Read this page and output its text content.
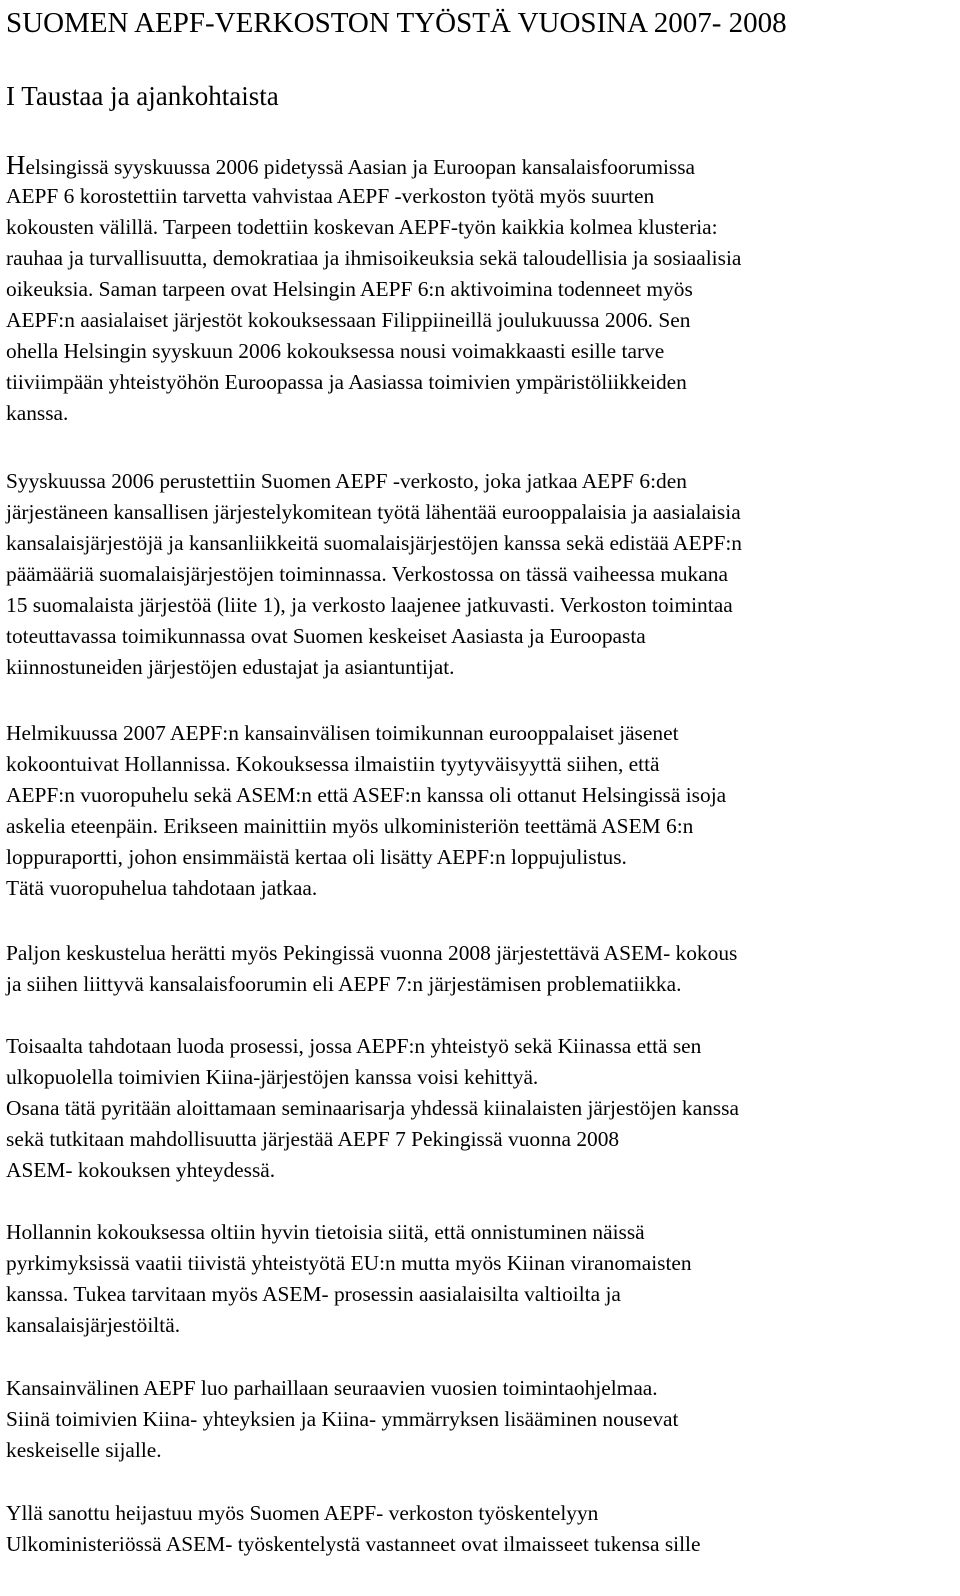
SUOMEN AEPF-VERKOSTON TYÖSTÄ VUOSINA 2007- 2008
I Taustaa ja ajankohtaista
Helsingissä syyskuussa 2006 pidetyssä Aasian ja Euroopan kansalaisfoorumissa
AEPF 6 korostettiin tarvetta vahvistaa AEPF -verkoston työtä myös suurten
kokousten välillä. Tarpeen todettiin koskevan AEPF-työn kaikkia kolmea klusteria:
rauhaa ja turvallisuutta, demokratiaa ja ihmisoikeuksia sekä taloudellisia ja sosiaalisia
oikeuksia. Saman tarpeen ovat Helsingin AEPF 6:n aktivoimina todenneet myös
AEPF:n aasialaiset järjestöt kokouksessaan Filippiineillä joulukuussa 2006. Sen
ohella Helsingin syyskuun 2006 kokouksessa nousi voimakkaasti esille tarve
tiiviimpään yhteistyöhön Euroopassa ja Aasiassa toimivien ympäristöliikkeiden
kanssa.
Syyskuussa 2006 perustettiin Suomen AEPF -verkosto, joka jatkaa AEPF 6:den
järjestäneen kansallisen järjestelykomitean työtä lähentää eurooppalaisia ja aasialaisia
kansalaisjärjestöjä ja kansanliikkeitä suomalaisjärjestöjen kanssa sekä edistää AEPF:n
päämääriä suomalaisjärjestöjen toiminnassa. Verkostossa on tässä vaiheessa mukana
15 suomalaista järjestöä (liite 1), ja verkosto laajenee jatkuvasti. Verkoston toimintaa
toteuttavassa toimikunnassa ovat Suomen keskeiset Aasiasta ja Euroopasta
kiinnostuneiden järjestöjen edustajat ja asiantuntijat.
Helmikuussa 2007 AEPF:n kansainvälisen toimikunnan eurooppalaiset jäsenet
kokoontuivat Hollannissa. Kokouksessa ilmaistiin tyytyväisyyttä siihen, että
AEPF:n vuoropuhelu sekä ASEM:n että ASEF:n kanssa oli ottanut Helsingissä isoja
askelia eteenpäin. Erikseen mainittiin myös ulkoministeriön teettämä ASEM 6:n
loppuraportti, johon ensimmäistä kertaa oli lisätty AEPF:n loppujulistus.
Tätä vuoropuhelua tahdotaan jatkaa.
Paljon keskustelua herätti myös Pekingissä vuonna 2008 järjestettävä ASEM- kokous
ja siihen liittyvä kansalaisfoorumin eli AEPF 7:n järjestämisen problematiikka.
Toisaalta tahdotaan luoda prosessi, jossa AEPF:n yhteistyö sekä Kiinassa että sen
ulkopuolella toimivien Kiina-järjestöjen kanssa voisi kehittyä.
Osana tätä pyritään aloittamaan seminaarisarja yhdessä kiinalaisten järjestöjen kanssa
sekä tutkitaan mahdollisuutta järjestää AEPF 7 Pekingissä vuonna 2008
ASEM- kokouksen yhteydessä.
Hollannin kokouksessa oltiin hyvin tietoisia siitä, että onnistuminen näissä
pyrkimyksissä vaatii tiivistä yhteistyötä EU:n mutta myös Kiinan viranomaisten
kanssa. Tukea tarvitaan myös ASEM- prosessin aasialaisilta valtioilta ja
kansalaisjärjestöiltä.
Kansainvälinen AEPF luo parhaillaan seuraavien vuosien toimintaohjelmaa.
Siinä toimivien Kiina- yhteyksien ja Kiina- ymmärryksen lisääminen nousevat
keskeiselle sijalle.
Yllä sanottu heijastuu myös Suomen AEPF- verkoston työskentelyyn
Ulkoministeriössä ASEM- työskentelystä vastanneet ovat ilmaisseet tukensa sille
